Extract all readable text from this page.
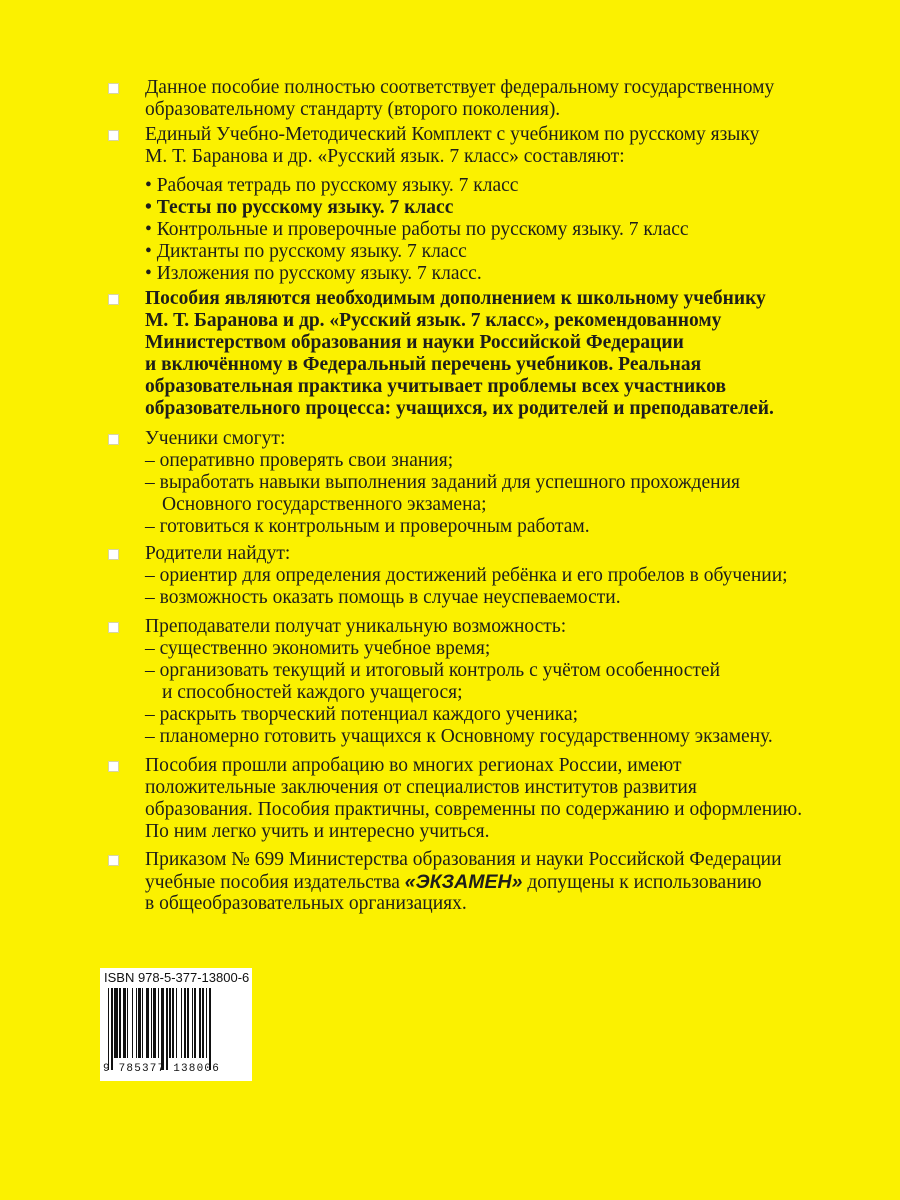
Данное пособие полностью соответствует федеральному государственному
образовательному стандарту (второго поколения).
Единый Учебно-Методический Комплект с учебником по русскому языку
М. Т. Баранова и др. «Русский язык. 7 класс» составляют:
• Рабочая тетрадь по русскому языку. 7 класс
• Тесты по русскому языку. 7 класс
• Контрольные и проверочные работы по русскому языку. 7 класс
• Диктанты по русскому языку. 7 класс
• Изложения по русскому языку. 7 класс.
Пособия являются необходимым дополнением к школьному учебнику
М. Т. Баранова и др. «Русский язык. 7 класс», рекомендованному
Министерством образования и науки Российской Федерации
и включённому в Федеральный перечень учебников. Реальная
образовательная практика учитывает проблемы всех участников
образовательного процесса: учащихся, их родителей и преподавателей.
Ученики смогут:
– оперативно проверять свои знания;
– выработать навыки выполнения заданий для успешного прохождения
Основного государственного экзамена;
– готовиться к контрольным и проверочным работам.
Родители найдут:
– ориентир для определения достижений ребёнка и его пробелов в обучении;
– возможность оказать помощь в случае неуспеваемости.
Преподаватели получат уникальную возможность:
– существенно экономить учебное время;
– организовать текущий и итоговый контроль с учётом особенностей
и способностей каждого учащегося;
– раскрыть творческий потенциал каждого ученика;
– планомерно готовить учащихся к Основному государственному экзамену.
Пособия прошли апробацию во многих регионах России, имеют
положительные заключения от специалистов институтов развития
образования. Пособия практичны, современны по содержанию и оформлению.
По ним легко учить и интересно учиться.
Приказом № 699 Министерства образования и науки Российской Федерации
учебные пособия издательства «ЭКЗАМЕН» допущены к использованию
в общеобразовательных организациях.
ISBN 978-5-377-13800-6
9 785377 138006
